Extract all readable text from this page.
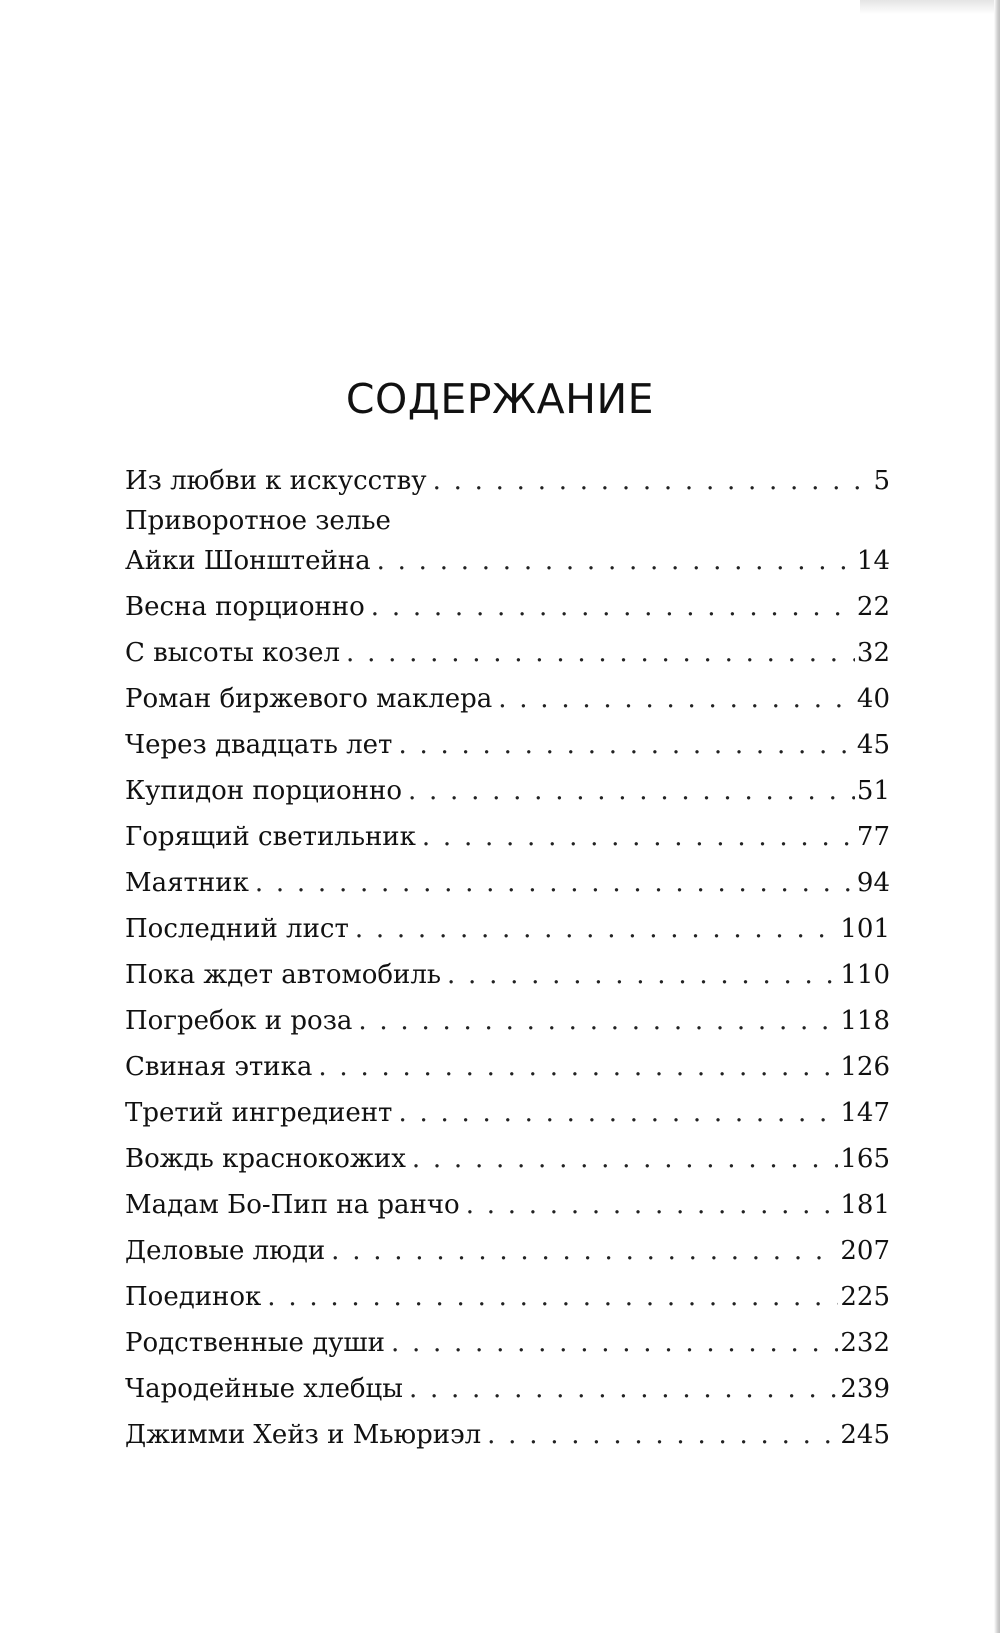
СОДЕРЖАНИЕ
Из любви к искусству . . .	5
Приворотное зелье
Айки Шонштейна . . .	14
Весна порционно . . .	22
С высоты козел . . .	32
Роман биржевого маклера . . .	40
Через двадцать лет . . .	45
Купидон порционно . . .	51
Горящий светильник . . .	77
Маятник . . .	94
Последний лист . . .	101
Пока ждет автомобиль . . .	110
Погребок и роза . . .	118
Свиная этика . . .	126
Третий ингредиент . . .	147
Вождь краснокожих . . .	165
Мадам Бо-Пип на ранчо . . .	181
Деловые люди . . .	207
Поединок . . .	225
Родственные души . . .	232
Чародейные хлебцы . . .	239
Джимми Хейз и Мьюриэл . . .	245
